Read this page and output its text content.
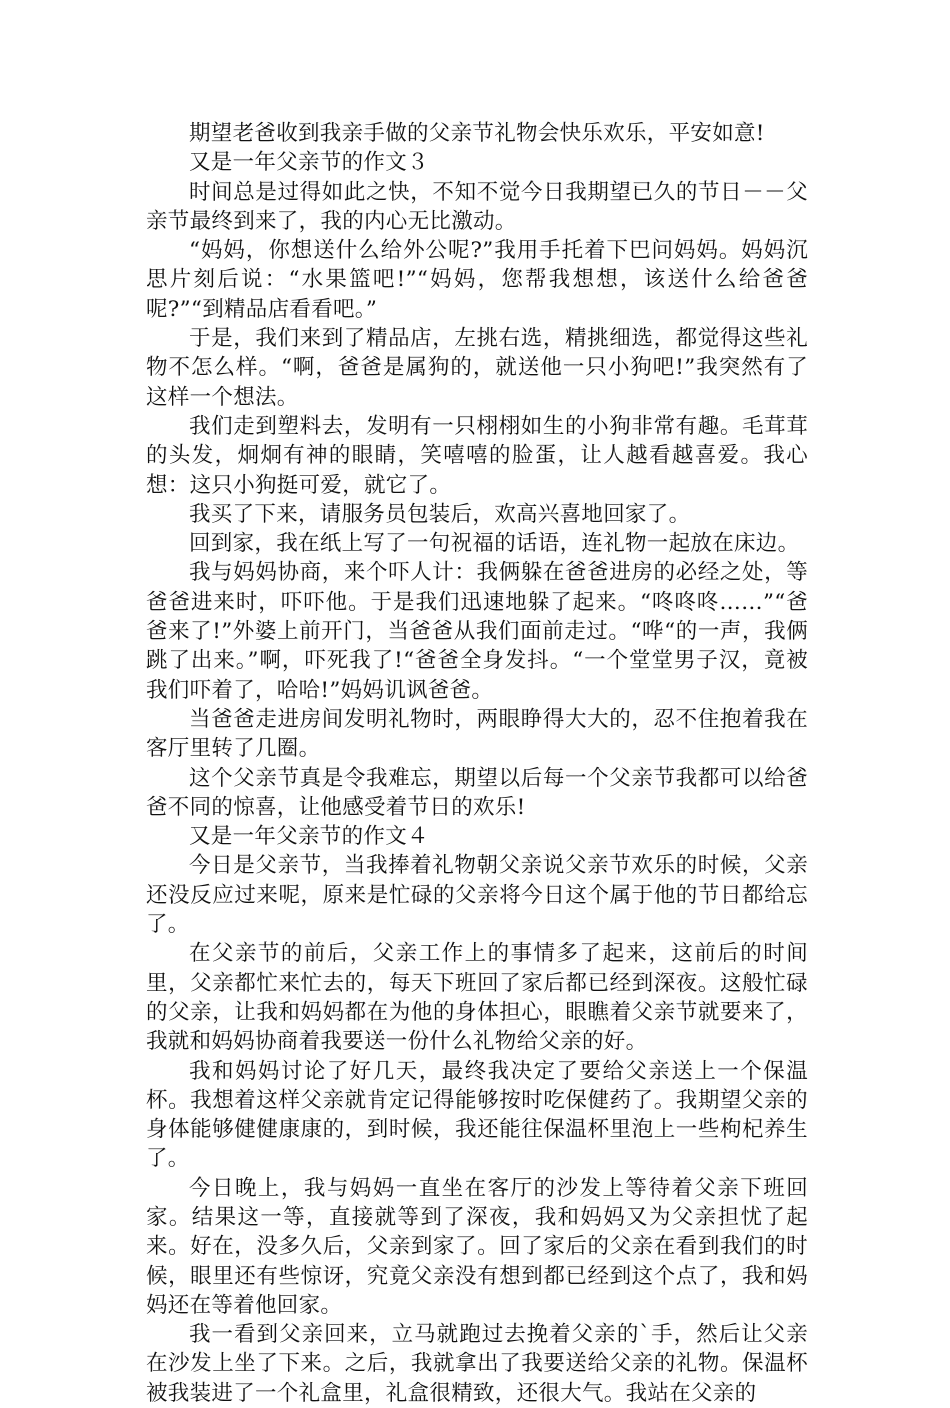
期望老爸收到我亲手做的父亲节礼物会快乐欢乐，平安如意!

又是一年父亲节的作文３

时间总是过得如此之快，不知不觉今日我期望已久的节日－－父亲节最终到来了，我的内心无比激动。

“妈妈，你想送什么给外公呢?”我用手托着下巴问妈妈。妈妈沉思片刻后说：“水果篮吧!”“妈妈，您帮我想想，该送什么给爸爸呢?”“到精品店看看吧。”

于是，我们来到了精品店，左挑右选，精挑细选，都觉得这些礼物不怎么样。“啊，爸爸是属狗的，就送他一只小狗吧!”我突然有了这样一个想法。

我们走到塑料去，发明有一只栩栩如生的小狗非常有趣。毛茸茸的头发，炯炯有神的眼睛，笑嘻嘻的脸蛋，让人越看越喜爱。我心想：这只小狗挺可爱，就它了。

我买了下来，请服务员包装后，欢高兴喜地回家了。

回到家，我在纸上写了一句祝福的话语，连礼物一起放在床边。

我与妈妈协商，来个吓人计：我俩躲在爸爸进房的必经之处，等爸爸进来时，吓吓他。于是我们迅速地躲了起来。“咚咚咚……”“爸爸来了!”外婆上前开门，当爸爸从我们面前走过。“哗“的一声，我俩跳了出来。”啊，吓死我了!“爸爸全身发抖。“一个堂堂男子汉，竟被我们吓着了，哈哈!”妈妈讥讽爸爸。

当爸爸走进房间发明礼物时，两眼睁得大大的，忍不住抱着我在客厅里转了几圈。

这个父亲节真是令我难忘，期望以后每一个父亲节我都可以给爸爸不同的惊喜，让他感受着节日的欢乐!

又是一年父亲节的作文４

今日是父亲节，当我捧着礼物朝父亲说父亲节欢乐的时候，父亲还没反应过来呢，原来是忙碌的父亲将今日这个属于他的节日都给忘了。

在父亲节的前后，父亲工作上的事情多了起来，这前后的时间里，父亲都忙来忙去的，每天下班回了家后都已经到深夜。这般忙碌的父亲，让我和妈妈都在为他的身体担心，眼瞧着父亲节就要来了，我就和妈妈协商着我要送一份什么礼物给父亲的好。

我和妈妈讨论了好几天，最终我决定了要给父亲送上一个保温杯。我想着这样父亲就肯定记得能够按时吃保健药了。我期望父亲的身体能够健健康康的，到时候，我还能往保温杯里泡上一些枸杞养生了。

今日晚上，我与妈妈一直坐在客厅的沙发上等待着父亲下班回家。结果这一等，直接就等到了深夜，我和妈妈又为父亲担忧了起来。好在，没多久后，父亲到家了。回了家后的父亲在看到我们的时候，眼里还有些惊讶，究竟父亲没有想到都已经到这个点了，我和妈妈还在等着他回家。

我一看到父亲回来，立马就跑过去挽着父亲的`手，然后让父亲在沙发上坐了下来。之后，我就拿出了我要送给父亲的礼物。保温杯被我装进了一个礼盒里，礼盒很精致，还很大气。我站在父亲的
